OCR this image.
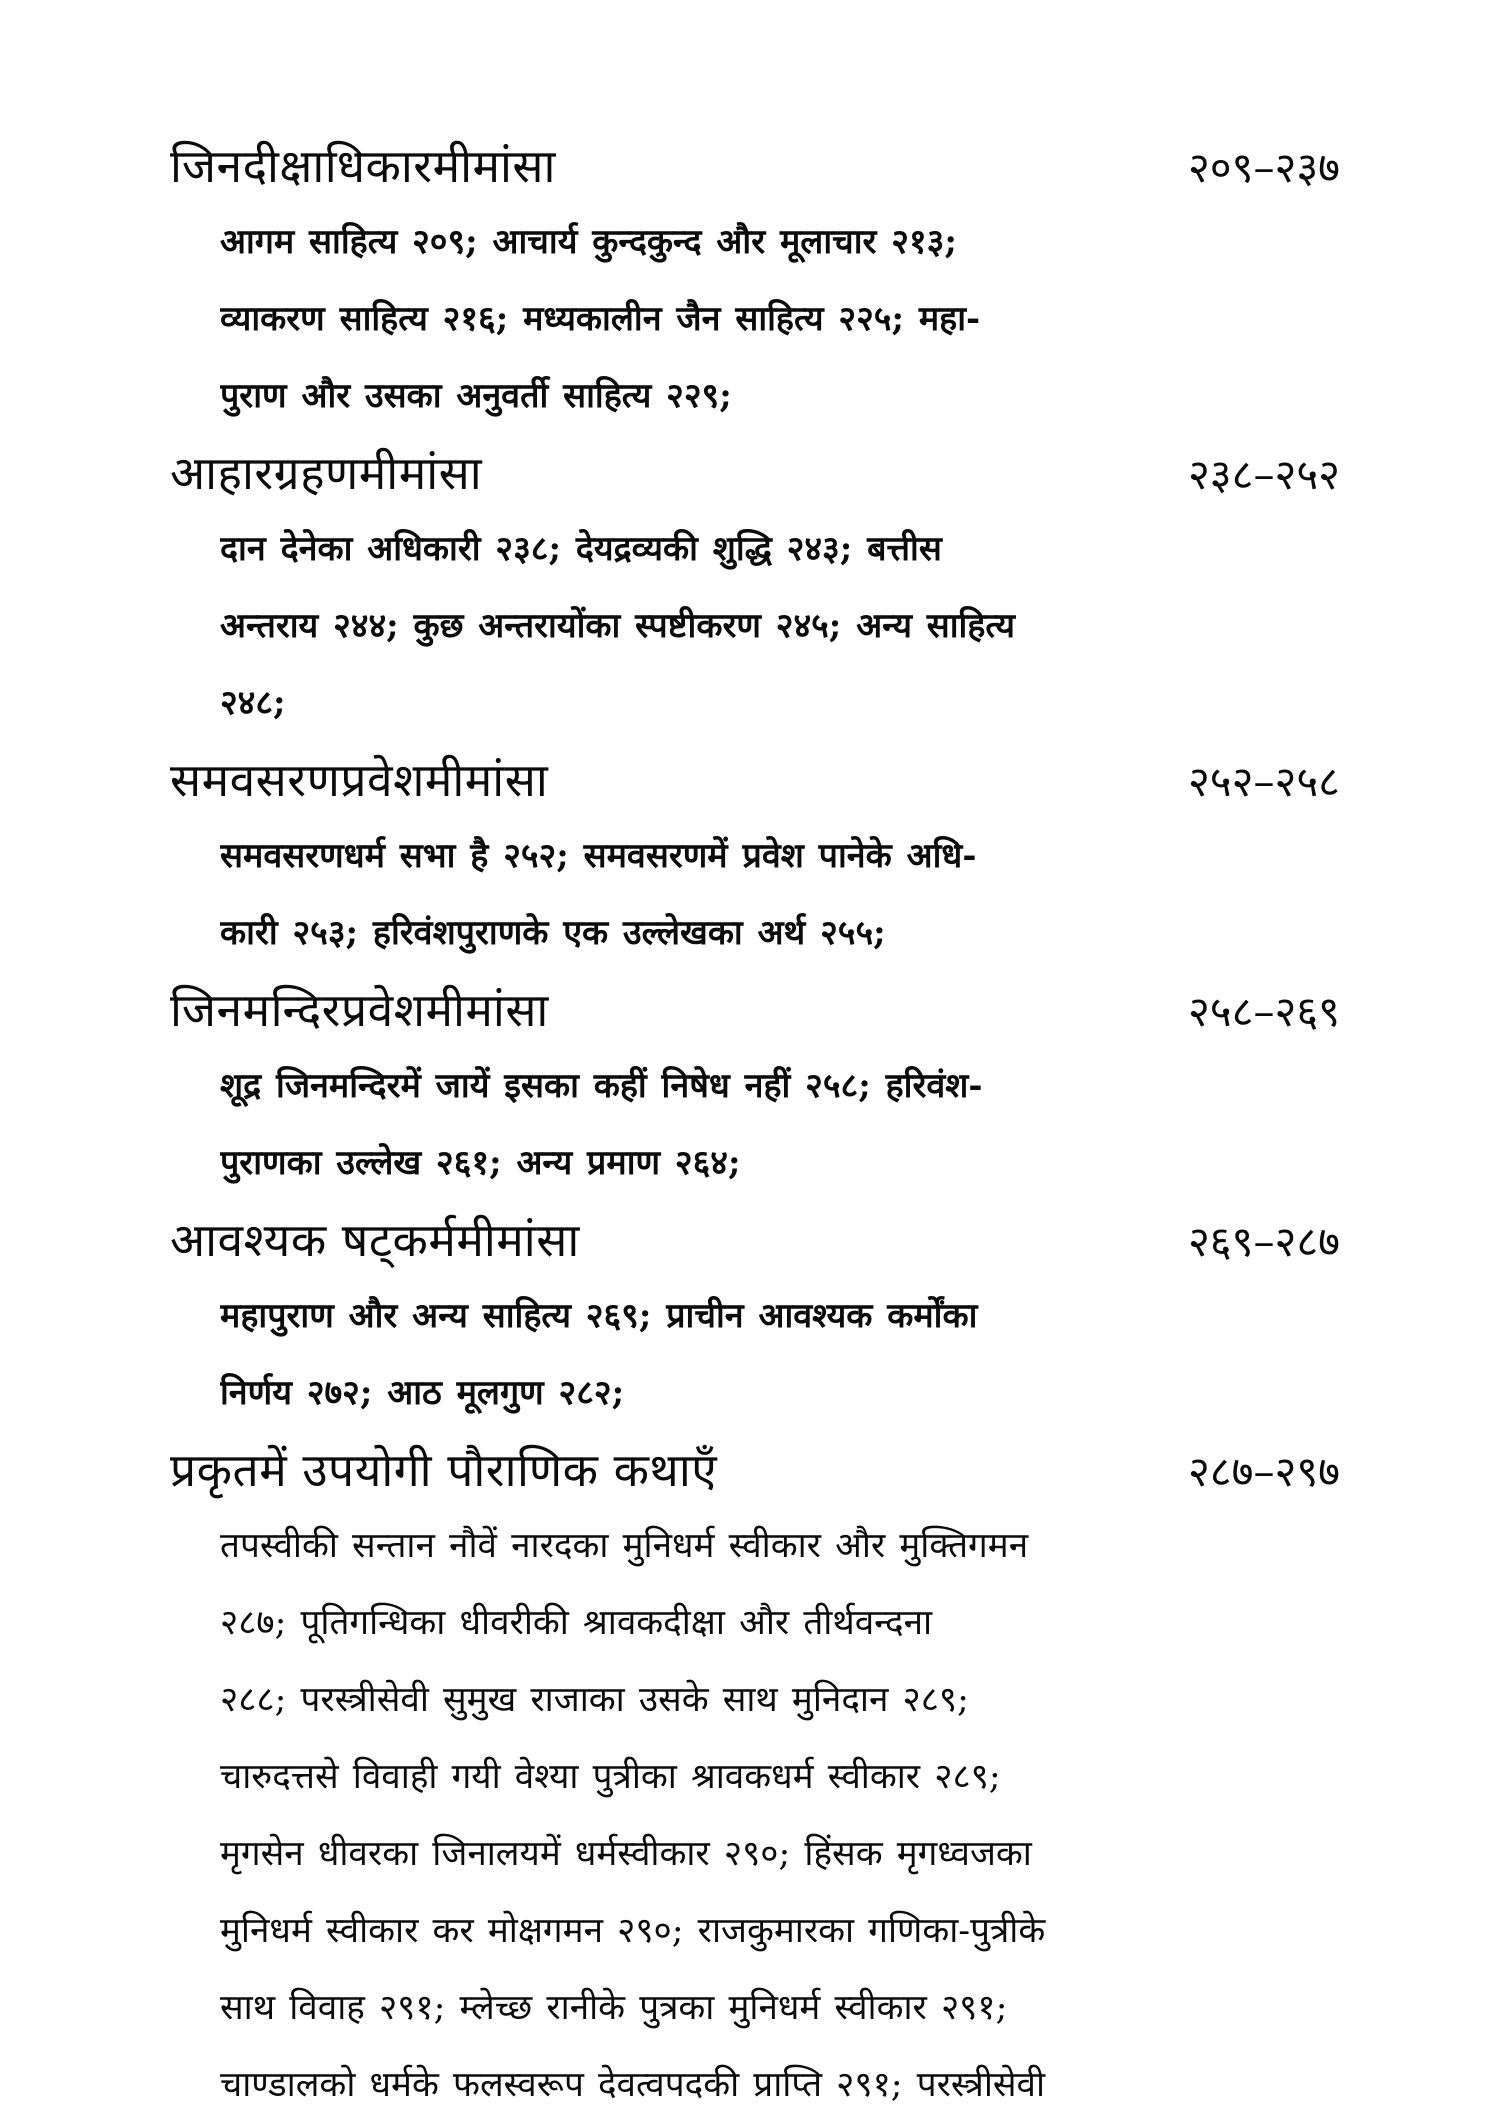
जिनदीक्षाधिकारमीमांसा	२०९–२३७
आगम साहित्य २०९; आचार्य कुन्दकुन्द और मूलाचार २१३;
व्याकरण साहित्य २१६; मध्यकालीन जैन साहित्य २२५; महा-
पुराण और उसका अनुवर्ती साहित्य २२९;
आहारग्रहणमीमांसा	२३८–२५२
दान देनेका अधिकारी २३८; देयद्रव्यकी शुद्धि २४३; बत्तीस
अन्तराय २४४; कुछ अन्तरायोंका स्पष्टीकरण २४५; अन्य साहित्य
२४८;
समवसरणप्रवेशमीमांसा	२५२–२५८
समवसरणधर्म सभा है २५२; समवसरणमें प्रवेश पानेके अधि-
कारी २५३; हरिवंशपुराणके एक उल्लेखका अर्थ २५५;
जिनमन्दिरप्रवेशमीमांसा	२५८–२६९
शूद्र जिनमन्दिरमें जायें इसका कहीं निषेध नहीं २५८; हरिवंश-
पुराणका उल्लेख २६१; अन्य प्रमाण २६४;
आवश्यक षट्कर्ममीमांसा	२६९–२८७
महापुराण और अन्य साहित्य २६९; प्राचीन आवश्यक कर्मोंका
निर्णय २७२; आठ मूलगुण २८२;
प्रकृतमें उपयोगी पौराणिक कथाएँ	२८७–२९७
तपस्वीकी सन्तान नौवें नारदका मुनिधर्म स्वीकार और मुक्तिगमन
२८७; पूतिगन्धिका धीवरीकी श्रावकदीक्षा और तीर्थवन्दना
२८८; परस्त्रीसेवी सुमुख राजाका उसके साथ मुनिदान २८९;
चारुदत्तसे विवाही गयी वेश्या पुत्रीका श्रावकधर्म स्वीकार २८९;
मृगसेन धीवरका जिनालयमें धर्मस्वीकार २९०; हिंसक मृगध्वजका
मुनिधर्म स्वीकार कर मोक्षगमन २९०; राजकुमारका गणिका-पुत्रीके
साथ विवाह २९१; म्लेच्छ रानीके पुत्रका मुनिधर्म स्वीकार २९१;
चाण्डालको धर्मके फलस्वरूप देवत्वपदकी प्राप्ति २९१; परस्त्रीसेवी
